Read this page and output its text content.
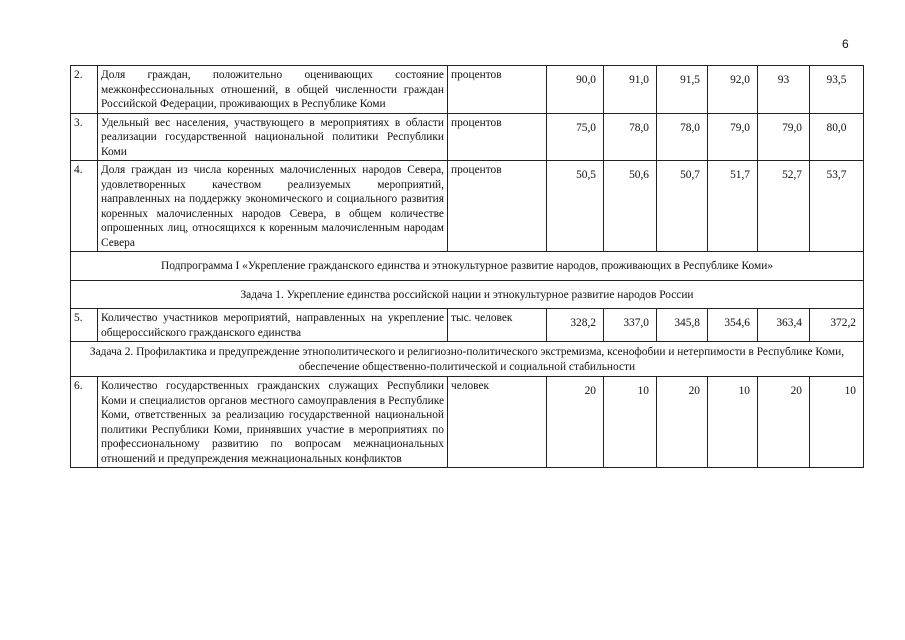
6
2.	Доля граждан, положительно оценивающих состояние межконфессиональных отношений, в общей численности граждан Российской Федерации, проживающих в Республике Коми	процентов	90,0	91,0	91,5	92,0	93	93,5
3.	Удельный вес населения, участвующего в мероприятиях в области реализации государственной национальной политики Республики Коми	процентов	75,0	78,0	78,0	79,0	79,0	80,0
4.	Доля граждан из числа коренных малочисленных народов Севера, удовлетворенных качеством реализуемых мероприятий, направленных на поддержку экономического и социального развития коренных малочисленных народов Севера, в общем количестве опрошенных лиц, относящихся к коренным малочисленным народам Севера	процентов	50,5	50,6	50,7	51,7	52,7	53,7
Подпрограмма I «Укрепление гражданского единства и этнокультурное развитие народов, проживающих в Республике Коми»								
Задача 1. Укрепление единства российской нации и этнокультурное развитие народов России								
5.	Количество участников мероприятий, направленных на укрепление общероссийского гражданского единства	тыс. человек	328,2	337,0	345,8	354,6	363,4	372,2
Задача 2. Профилактика и предупреждение этнополитического и религиозно-политического экстремизма, ксенофобии и нетерпимости в Республике Коми, обеспечение общественно-политической и социальной стабильности								
6.	Количество государственных гражданских служащих Республики Коми и специалистов органов местного самоуправления в Республике Коми, ответственных за реализацию государственной национальной политики Республики Коми, принявших участие в мероприятиях по профессиональному развитию по вопросам межнациональных отношений и предупреждения межнациональных конфликтов	человек	20	10	20	10	20	10
